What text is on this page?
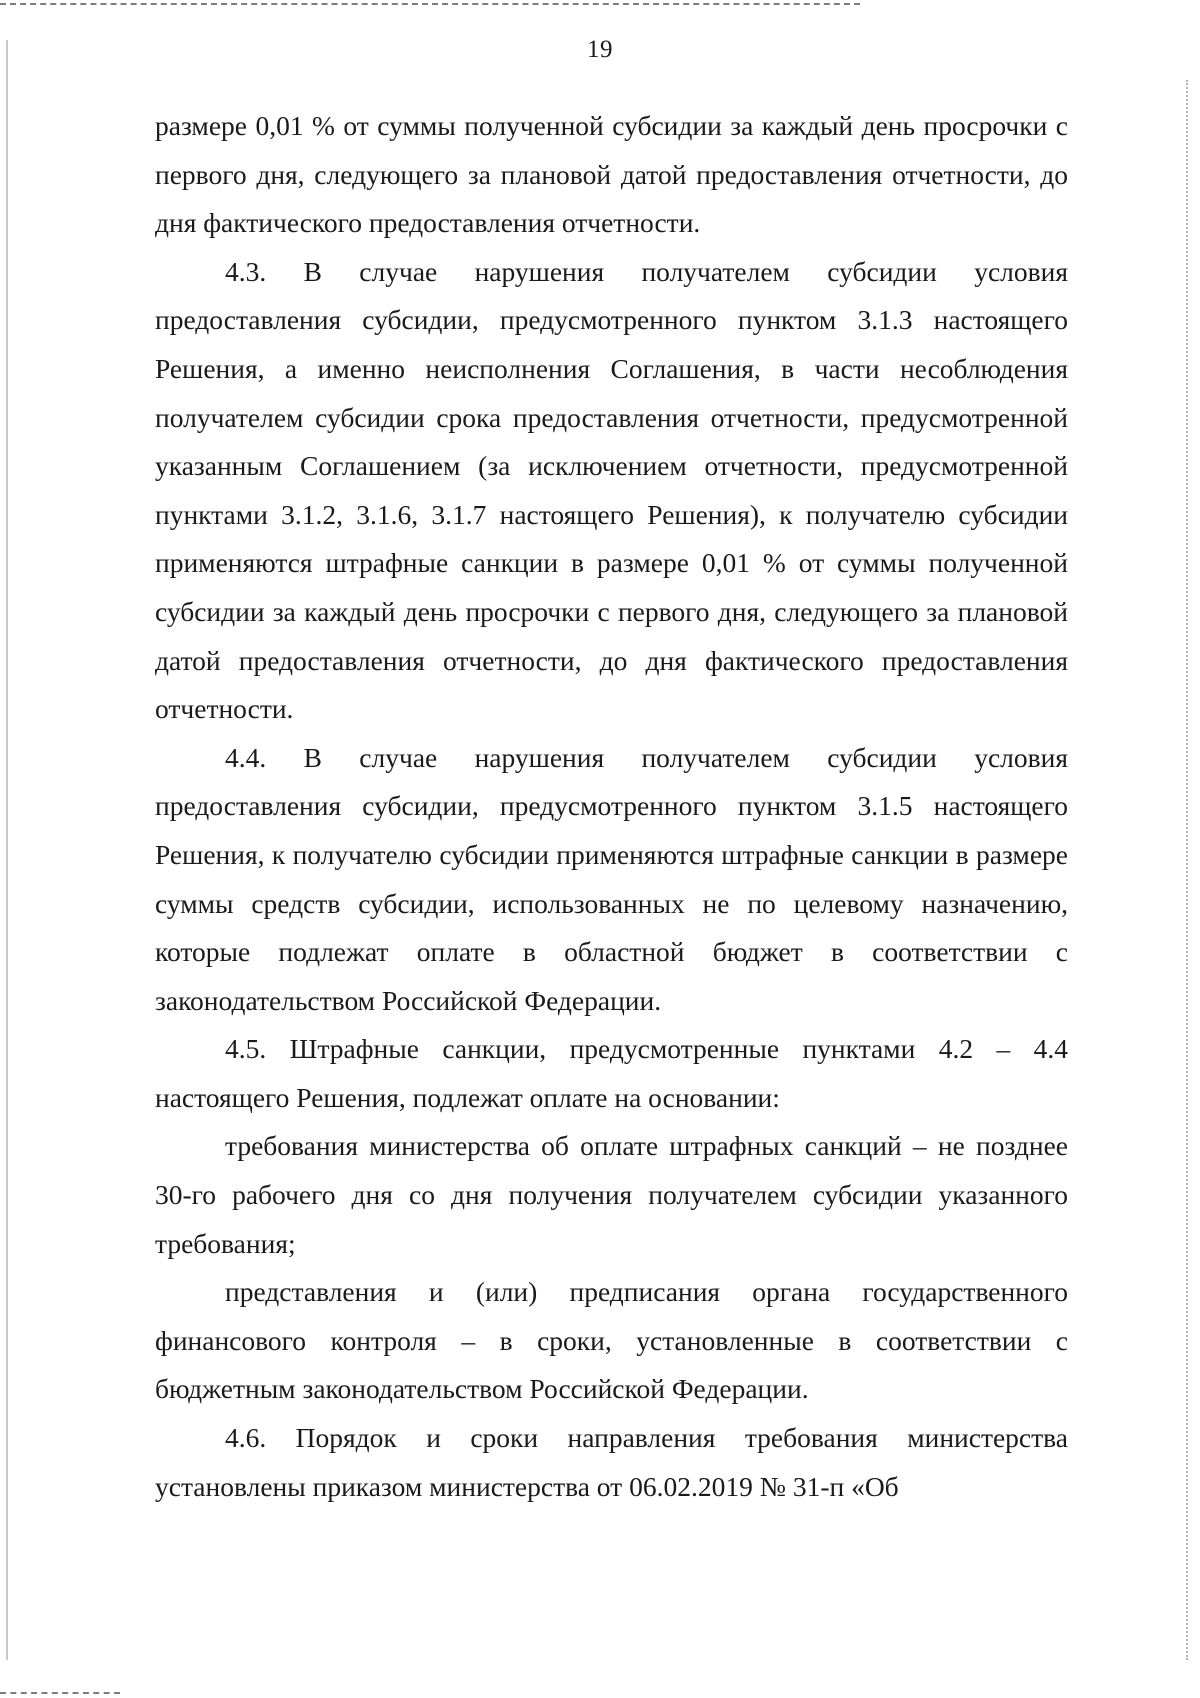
19

размере 0,01 % от суммы полученной субсидии за каждый день просрочки с первого дня, следующего за плановой датой предоставления отчетности, до дня фактического предоставления отчетности.

4.3. В случае нарушения получателем субсидии условия предоставления субсидии, предусмотренного пунктом 3.1.3 настоящего Решения, а именно неисполнения Соглашения, в части несоблюдения получателем субсидии срока предоставления отчетности, предусмотренной указанным Соглашением (за исключением отчетности, предусмотренной пунктами 3.1.2, 3.1.6, 3.1.7 настоящего Решения), к получателю субсидии применяются штрафные санкции в размере 0,01 % от суммы полученной субсидии за каждый день просрочки с первого дня, следующего за плановой датой предоставления отчетности, до дня фактического предоставления отчетности.

4.4. В случае нарушения получателем субсидии условия предоставления субсидии, предусмотренного пунктом 3.1.5 настоящего Решения, к получателю субсидии применяются штрафные санкции в размере суммы средств субсидии, использованных не по целевому назначению, которые подлежат оплате в областной бюджет в соответствии с законодательством Российской Федерации.

4.5. Штрафные санкции, предусмотренные пунктами 4.2 – 4.4 настоящего Решения, подлежат оплате на основании:

требования министерства об оплате штрафных санкций – не позднее 30-го рабочего дня со дня получения получателем субсидии указанного требования;

представления и (или) предписания органа государственного финансового контроля – в сроки, установленные в соответствии с бюджетным законодательством Российской Федерации.

4.6. Порядок и сроки направления требования министерства установлены приказом министерства от 06.02.2019 № 31-п «Об
